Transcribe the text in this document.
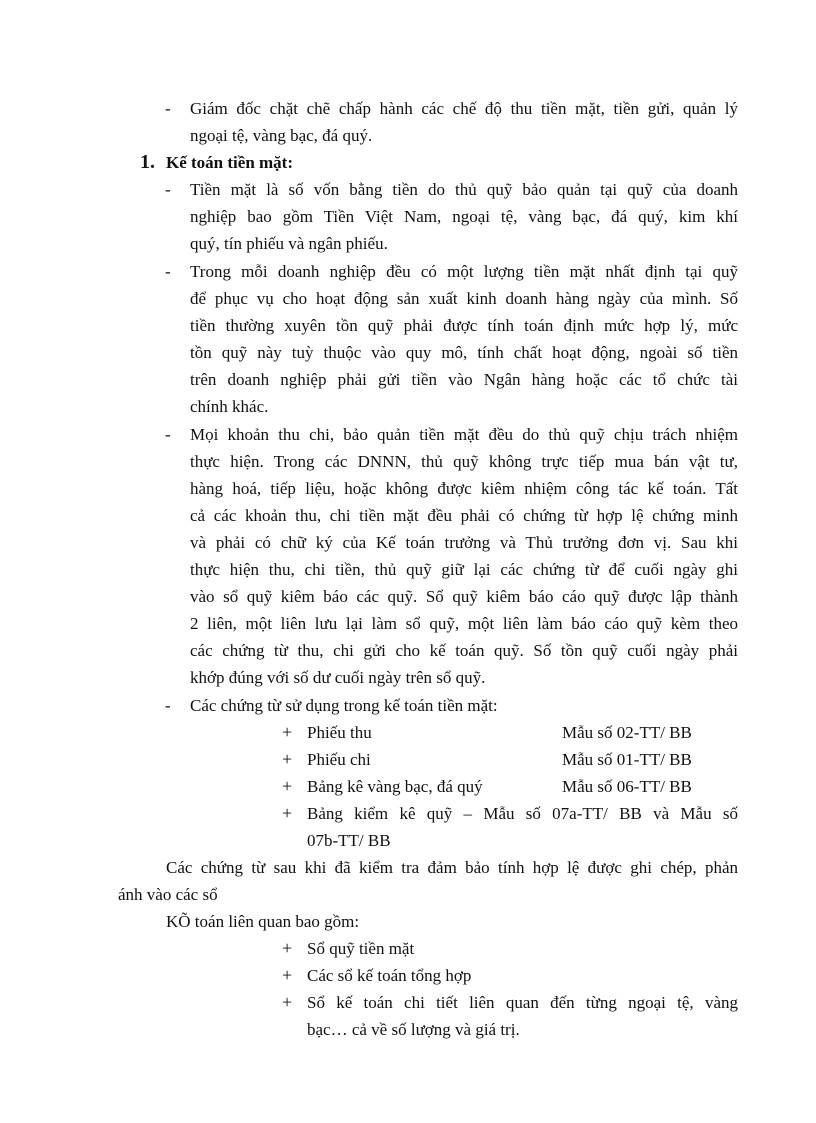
- Giám đốc chặt chẽ chấp hành các chế độ thu tiền mặt, tiền gửi, quản lý
ngoại tệ, vàng bạc, đá quý.
1. Kế toán tiền mặt:
- Tiền mặt là số vốn bằng tiền do thủ quỹ bảo quản tại quỹ của doanh
nghiệp bao gồm Tiền Việt Nam, ngoại tệ, vàng bạc, đá quý, kim khí
quý, tín phiếu và ngân phiếu.
- Trong mỗi doanh nghiệp đều có một lượng tiền mặt nhất định tại quỹ
để phục vụ cho hoạt động sản xuất kinh doanh hàng ngày của mình. Số
tiền thường xuyên tồn quỹ phải được tính toán định mức hợp lý, mức
tồn quỹ này tuỳ thuộc vào quy mô, tính chất hoạt động, ngoài số tiền
trên doanh nghiệp phải gửi tiền vào Ngân hàng hoặc các tổ chức tài
chính khác.
- Mọi khoản thu chi, bảo quản tiền mặt đều do thủ quỹ chịu trách nhiệm
thực hiện. Trong các DNNN, thủ quỹ không trực tiếp mua bán vật tư,
hàng hoá, tiếp liệu, hoặc không được kiêm nhiệm công tác kế toán. Tất
cả các khoản thu, chi tiền mặt đều phải có chứng từ hợp lệ chứng minh
và phải có chữ ký của Kế toán trưởng và Thủ trưởng đơn vị. Sau khi
thực hiện thu, chi tiền, thủ quỹ giữ lại các chứng từ để cuối ngày ghi
vào sổ quỹ kiêm báo các quỹ. Sổ quỹ kiêm báo cáo quỹ được lập thành
2 liên, một liên lưu lại làm sổ quỹ, một liên làm báo cáo quỹ kèm theo
các chứng từ thu, chi gửi cho kế toán quỹ. Số tồn quỹ cuối ngày phải
khớp đúng với số dư cuối ngày trên sổ quỹ.
- Các chứng từ sử dụng trong kế toán tiền mặt:
+ Phiếu thu	Mẫu số 02-TT/ BB
+ Phiếu chi	Mẫu số 01-TT/ BB
+ Bảng kê vàng bạc, đá quý	Mẫu số 06-TT/ BB
+ Bảng kiểm kê quỹ – Mẫu số 07a-TT/ BB và Mẫu số
07b-TT/ BB
Các chứng từ sau khi đã kiểm tra đảm bảo tính hợp lệ được ghi chép, phản
ánh vào các sổ
KÕ toán liên quan bao gồm:
+ Sổ quỹ tiền mặt
+ Các sổ kế toán tổng hợp
+ Sổ kế toán chi tiết liên quan đến từng ngoại tệ, vàng
bạc… cả về số lượng và giá trị.
